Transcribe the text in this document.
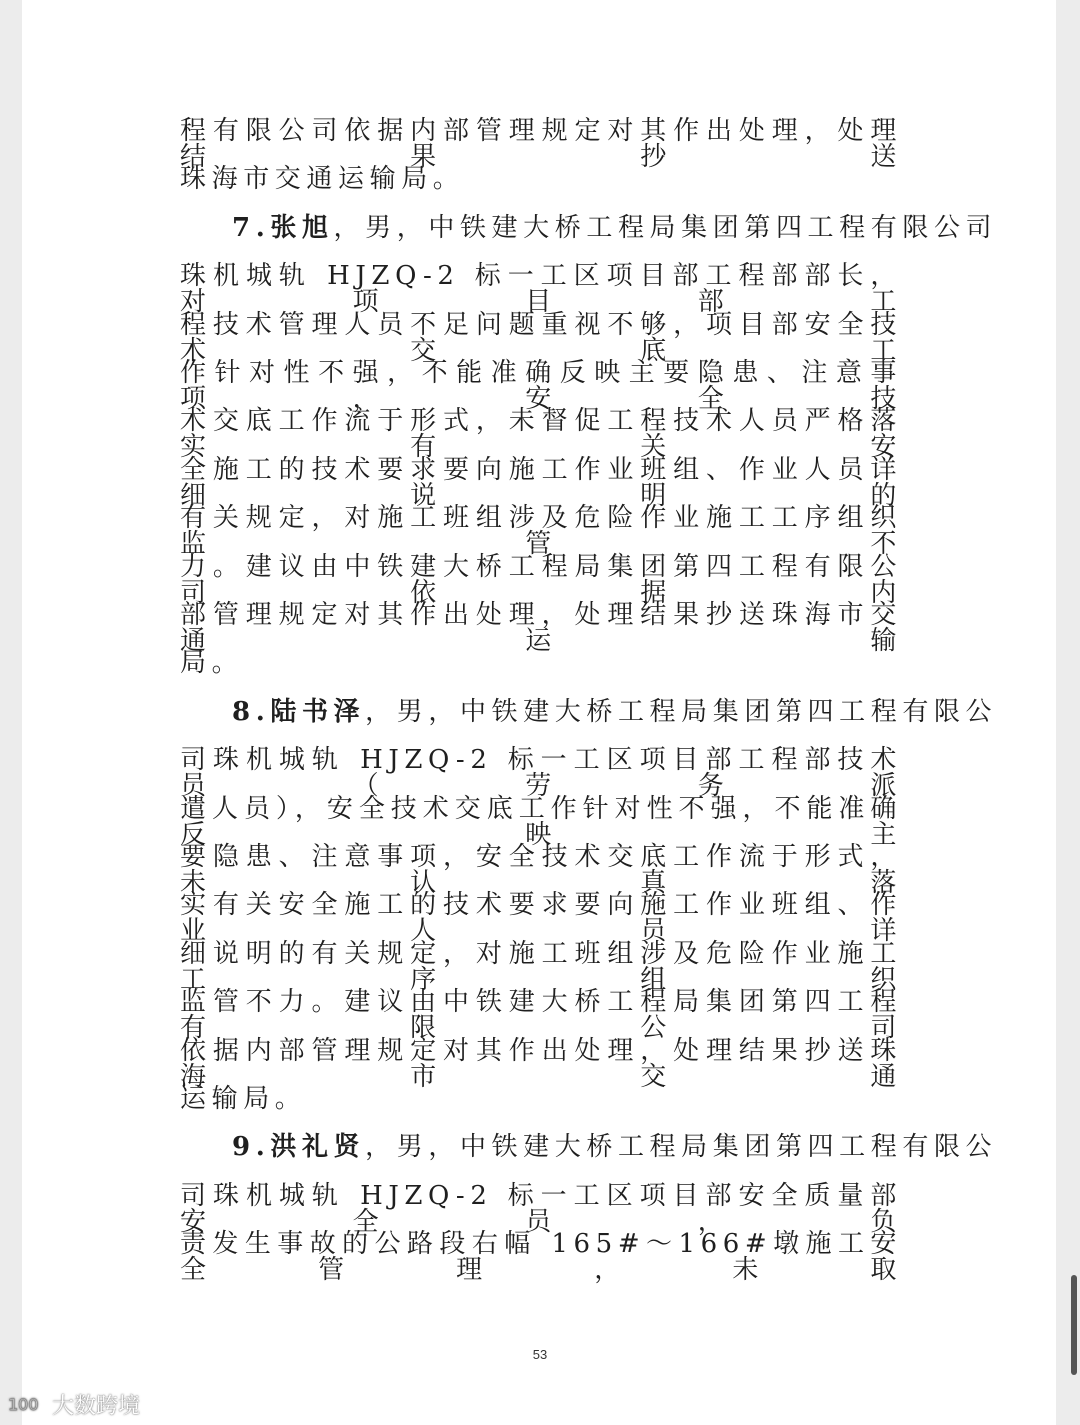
程有限公司依据内部管理规定对其作出处理，处理结果抄送
珠海市交通运输局。
7.张旭，男，中铁建大桥工程局集团第四工程有限公司
珠机城轨 HJZQ-2 标一工区项目部工程部部长，对项目部工
程技术管理人员不足问题重视不够，项目部安全技术交底工
作针对性不强，不能准确反映主要隐患、注意事项，安全技
术交底工作流于形式，未督促工程技术人员严格落实有关安
全施工的技术要求要向施工作业班组、作业人员详细说明的
有关规定，对施工班组涉及危险作业施工工序组织监管不
力。建议由中铁建大桥工程局集团第四工程有限公司依据内
部管理规定对其作出处理，处理结果抄送珠海市交通运输
局。
8.陆书泽，男，中铁建大桥工程局集团第四工程有限公
司珠机城轨 HJZQ-2 标一工区项目部工程部技术员（劳务派
遣人员），安全技术交底工作针对性不强，不能准确反映主
要隐患、注意事项，安全技术交底工作流于形式，未认真落
实有关安全施工的技术要求要向施工作业班组、作业人员详
细说明的有关规定，对施工班组涉及危险作业施工工序组织
监管不力。建议由中铁建大桥工程局集团第四工程有限公司
依据内部管理规定对其作出处理，处理结果抄送珠海市交通
运输局。
9.洪礼贤，男，中铁建大桥工程局集团第四工程有限公
司珠机城轨 HJZQ-2 标一工区项目部安全质量部安全员，负
责发生事故的公路段右幅 165#～166#墩施工安全管理，未取
53
100 大数跨境
